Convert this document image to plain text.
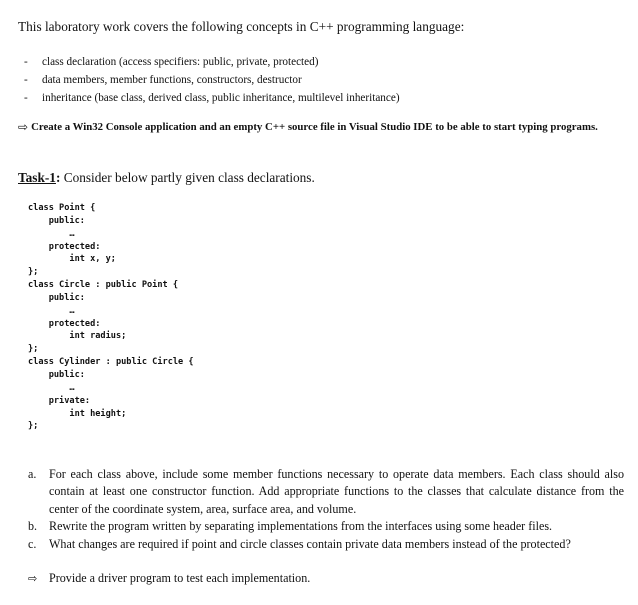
This laboratory work covers the following concepts in C++ programming language:
- class declaration (access specifiers: public, private, protected)
- data members, member functions, constructors, destructor
- inheritance (base class, derived class, public inheritance, multilevel inheritance)
⇨ Create a Win32 Console application and an empty C++ source file in Visual Studio IDE to be able to start typing programs.
Task-1: Consider below partly given class declarations.
class Point {
public:
…
protected:
int x, y;
};
class Circle : public Point {
public:
…
protected:
int radius;
};
class Cylinder : public Circle {
public:
…
private:
int height;
};
a. For each class above, include some member functions necessary to operate data members. Each class should also contain at least one constructor function. Add appropriate functions to the classes that calculate distance from the center of the coordinate system, area, surface area, and volume.
b. Rewrite the program written by separating implementations from the interfaces using some header files.
c. What changes are required if point and circle classes contain private data members instead of the protected?
⇨ Provide a driver program to test each implementation.
